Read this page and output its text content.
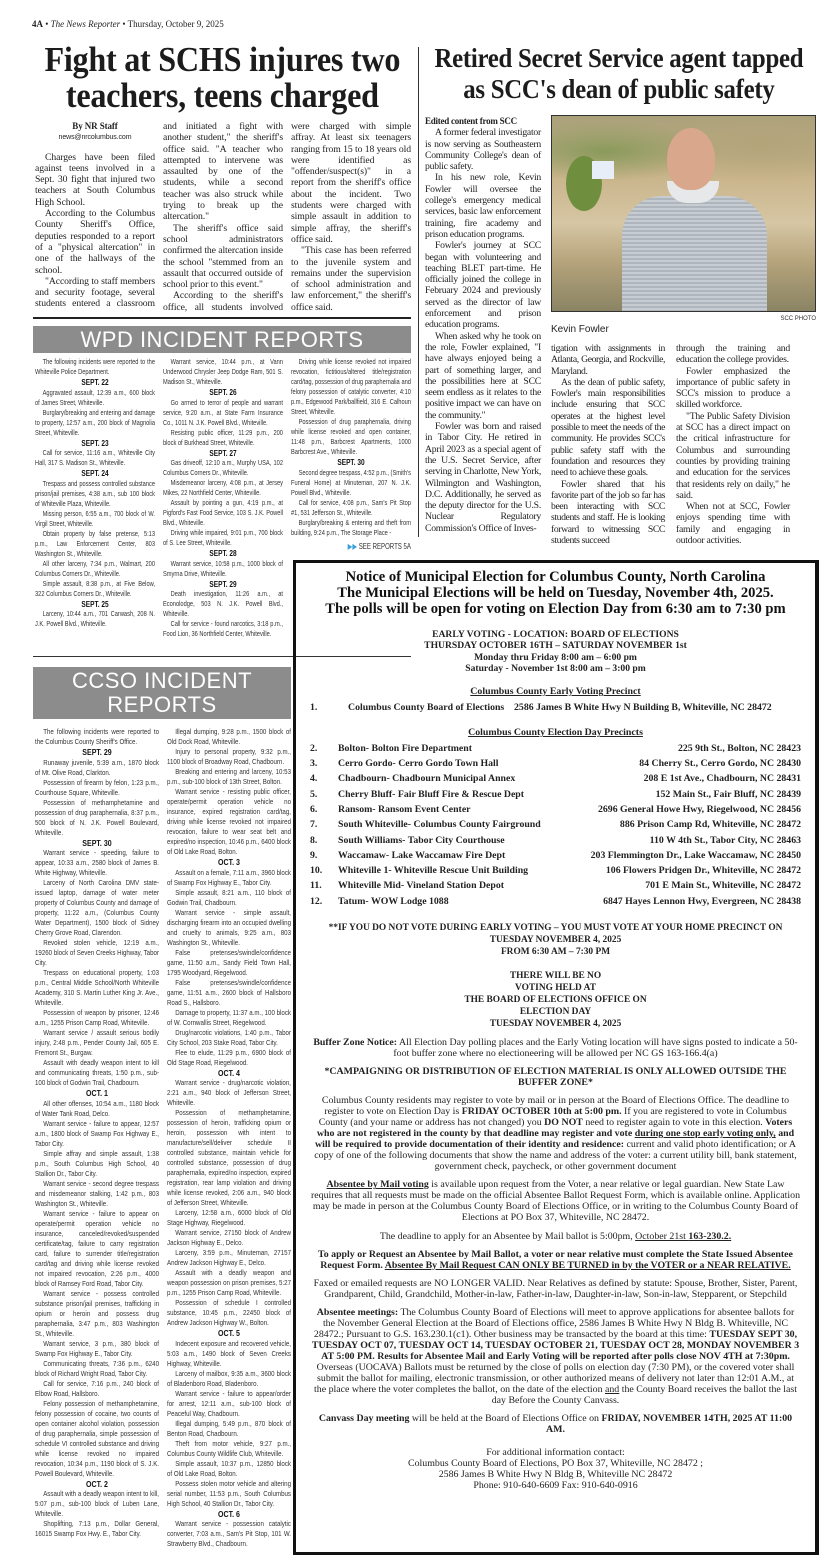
4A • The News Reporter • Thursday, October 9, 2025
Fight at SCHS injures two teachers, teens charged
Retired Secret Service agent tapped as SCC's dean of public safety

By NR Staff

news@nrcolumbus.com

Charges have been filed against teens involved in a Sept. 30 fight that injured two teachers at South Columbus High School.

According to the Columbus County Sheriff's Office, deputies responded to a report of a "physical altercation" in one of the hallways of the school.

"According to staff members and security footage, several students entered a classroom and initiated a fight with another student," the sheriff's office said. "A teacher who attempted to intervene was assaulted by one of the students, while a second teacher was also struck while trying to break up the altercation."

The sheriff's office said school administrators confirmed the altercation inside the school "stemmed from an assault that occurred outside of school prior to this event."

According to the sheriff's office, all students involved were charged with simple affray. At least six teenagers ranging from 15 to 18 years old were identified as "offender/suspect(s)" in a report from the sheriff's office about the incident. Two students were charged with simple assault in addition to simple affray, the sheriff's office said.

"This case has been referred to the juvenile system and remains under the supervision of school administration and law enforcement," the sheriff's office said.

WPD INCIDENT REPORTS

The following incidents were reported to the Whiteville Police Department.

SEPT. 22

Aggravated assault, 12:39 a.m., 600 block of James Street, Whiteville.

Burglary/breaking and entering and damage to property, 12:57 a.m., 200 block of Magnolia Street, Whiteville.

SEPT. 23

Call for service, 11:16 a.m., Whiteville City Hall, 317 S. Madison St., Whiteville.

SEPT. 24

Trespass and possess controlled substance prison/jail premises, 4:38 a.m., sub 100 block of Whiteville Plaza, Whiteville.

Missing person, 6:55 a.m., 700 block of W. Virgil Street, Whiteville.

Obtain property by false pretense, 5:13 p.m., Law Enforcement Center, 803 Washington St., Whiteville.

All other larceny, 7:34 p.m., Walmart, 200 Columbus Corners Dr., Whiteville.

Simple assault, 8:38 p.m., at Five Below, 322 Columbus Corners Dr., Whiteville.

SEPT. 25

Larceny, 10:44 a.m., 701 Carwash, 208 N. J.K. Powell Blvd., Whiteville.

Warrant service, 10:44 p.m., at Vann Underwood Chrysler Jeep Dodge Ram, 501 S. Madison St., Whiteville.

SEPT. 26

Go armed to terror of people and warrant service, 9:20 a.m., at State Farm Insurance Co., 1011 N. J.K. Powell Blvd., Whiteville.

Resisting public officer, 11:29 p.m., 200 block of Burkhead Street, Whiteville.

SEPT. 27

Gas driveoff, 12:10 a.m., Murphy USA, 102 Columbus Corners Dr., Whiteville.

Misdemeanor larceny, 4:08 p.m., at Jersey Mikes, 22 Northfield Center, Whiteville.

Assault by pointing a gun, 4:19 p.m., at Pigford's Fast Food Service, 103 S. J.K. Powell Blvd., Whiteville.

Driving while impaired, 9:01 p.m., 700 block of S. Lee Street, Whiteville.

SEPT. 28

Warrant service, 10:58 p.m., 1000 block of Smyrna Drive, Whiteville.

SEPT. 29

Death investigation, 11:26 a.m., at Econolodge, 503 N. J.K. Powell Blvd., Whiteville.

Call for service - found narcotics, 3:18 p.m., Food Lion, 36 Northfield Center, Whiteville.

Driving while license revoked not impaired revocation, fictitious/altered title/registration card/tag, possession of drug paraphernalia and felony possession of catalytic converter, 4:10 p.m., Edgewood Park/ballfield, 316 E. Calhoun Street, Whiteville.

Possession of drug paraphernalia, driving while license revoked and open container, 11:48 p.m., Barbcrest Apartments, 1000 Barbcrest Ave., Whiteville.

SEPT. 30

Second degree trespass, 4:52 p.m., (Smith's Funeral Home) at Minuteman, 207 N. J.K. Powell Blvd., Whiteville.

Call for service, 4:08 p.m., Sam's Pit Stop #1, 531 Jefferson St., Whiteville.

Burglary/breaking & entering and theft from building, 9:24 p.m., The Storage Place -

▶▶ SEE REPORTS 5A

CCSO INCIDENT REPORTS

The following incidents were reported to the Columbus County Sheriff's Office.

SEPT. 29

Runaway juvenile, 5:39 a.m., 1870 block of Mt. Olive Road, Clarkton.

Possession of firearm by felon, 1:23 p.m., Courthouse Square, Whiteville.

Possession of methamphetamine and possession of drug paraphernalia, 8:37 p.m., 500 block of N. J.K. Powell Boulevard, Whiteville.

SEPT. 30

Warrant service - speeding, failure to appear, 10:33 a.m., 2580 block of James B. White Highway, Whiteville.

Larceny of North Carolina DMV state-issued laptop, damage of water meter property of Columbus County and damage of property, 11:22 a.m., (Columbus County Water Department), 1500 block of Sidney Cherry Grove Road, Clarendon.

Revoked stolen vehicle, 12:19 a.m., 19260 block of Seven Creeks Highway, Tabor City.

Trespass on educational property, 1:03 p.m., Central Middle School/North Whiteville Academy, 310 S. Martin Luther King Jr. Ave., Whiteville.

Possession of weapon by prisoner, 12:46 a.m., 1255 Prison Camp Road, Whiteville.

Warrant service / assault serious bodily injury, 2:48 p.m., Pender County Jail, 605 E. Fremont St., Burgaw.

Assault with deadly weapon intent to kill and communicating threats, 1:50 p.m., sub-100 block of Godwin Trail, Chadbourn.

OCT. 1

All other offenses, 10:54 a.m., 1180 block of Water Tank Road, Delco.

Warrant service - failure to appear, 12:57 a.m., 1800 block of Swamp Fox Highway E., Tabor City.

Simple affray and simple assault, 1:38 p.m., South Columbus High School, 40 Stallion Dr., Tabor City.

Warrant service - second degree trespass and misdemeanor stalking, 1:42 p.m., 803 Washington St., Whiteville.

Warrant service - failure to appear on operate/permit operation vehicle no insurance, canceled/revoked/suspended certificate/tag, failure to carry registration card, failure to surrender title/registration card/tag and driving while license revoked not impaired revocation, 2:26 p.m., 4000 block of Ramsey Ford Road, Tabor City.

Warrant service - possess controlled substance prison/jail premises, trafficking in opium or heroin and possess drug paraphernalia, 3:47 p.m., 803 Washington St., Whiteville.

Warrant service, 3 p.m., 380 block of Swamp Fox Highway E., Tabor City.

Communicating threats, 7:36 p.m., 6240 block of Richard Wright Road, Tabor City.

Call for service, 7:16 p.m., 240 block of Elbow Road, Hallsboro.

Felony possession of methamphetamine, felony possession of cocaine, two counts of open container alcohol violation, possession of drug paraphernalia, simple possession of schedule VI controlled substance and driving while license revoked no impaired revocation, 10:34 p.m., 1190 block of S. J.K. Powell Boulevard, Whiteville.

OCT. 2

Assault with a deadly weapon intent to kill, 5:07 p.m., sub-100 block of Luben Lane, Whiteville.

Shoplifting, 7:13 p.m., Dollar General, 16015 Swamp Fox Hwy. E., Tabor City.

Illegal dumping, 9:28 p.m., 1500 block of Old Dock Road, Whiteville.

Injury to personal property, 9:32 p.m., 1100 block of Broadway Road, Chadbourn.

Breaking and entering and larceny, 10:53 p.m., sub-100 block of 13th Street, Bolton.

Warrant service - resisting public officer, operate/permit operation vehicle no insurance, expired registration card/tag, driving while license revoked not impaired revocation, failure to wear seat belt and expired/no inspection, 10:46 p.m., 6400 block of Old Lake Road, Bolton.

OCT. 3

Assault on a female, 7:11 a.m., 3960 block of Swamp Fox Highway E., Tabor City.

Simple assault, 8:21 a.m., 110 block of Godwin Trail, Chadbourn.

Warrant service - simple assault, discharging firearm into an occupied dwelling and cruelty to animals, 9:25 a.m., 803 Washington St., Whiteville.

False pretenses/swindle/confidence game, 11:50 a.m., Sandy Field Town Hall, 1795 Woodyard, Riegelwood.

False pretenses/swindle/confidence game, 11:51 a.m., 2600 block of Hallsboro Road S., Hallsboro.

Damage to property, 11:37 a.m., 100 block of W. Cornwallis Street, Riegelwood.

Drug/narcotic violations, 1:40 p.m., Tabor City School, 203 Stake Road, Tabor City.

Flee to elude, 11:29 p.m., 6900 block of Old Stage Road, Riegelwood.

OCT. 4

Warrant service - drug/narcotic violation, 2:21 a.m., 940 block of Jefferson Street, Whiteville.

Possession of methamphetamine, possession of heroin, trafficking opium or heroin, possession with intent to manufacture/sell/deliver schedule II controlled substance, maintain vehicle for controlled substance, possession of drug paraphernalia, expired/no inspection, expired registration, rear lamp violation and driving while license revoked, 2:06 a.m., 940 block of Jefferson Street, Whiteville.

Larceny, 12:58 a.m., 6000 block of Old Stage Highway, Riegelwood.

Warrant service, 27150 block of Andrew Jackson Highway E., Delco.

Larceny, 3:59 p.m., Minuteman, 27157 Andrew Jackson Highway E., Delco.

Assault with a deadly weapon and weapon possession on prison premises, 5:27 p.m., 1255 Prison Camp Road, Whiteville.

Possession of schedule I controlled substance, 10:45 p.m., 22450 block of Andrew Jackson Highway W., Bolton.

OCT. 5

Indecent exposure and recovered vehicle, 5:03 a.m., 1490 block of Seven Creeks Highway, Whiteville.

Larceny of mailbox, 9:35 a.m., 3600 block of Bladenboro Road, Bladenboro.

Warrant service - failure to appear/order for arrest, 12:11 a.m., sub-100 block of Peaceful Way, Chadbourn.

Illegal dumping, 5:49 p.m., 870 block of Benton Road, Chadbourn.

Theft from motor vehicle, 9:27 p.m., Columbus County Wildlife Club, Whiteville.

Simple assault, 10:37 p.m., 12850 block of Old Lake Road, Bolton.

Possess stolen motor vehicle and altering serial number, 11:53 p.m., South Columbus High School, 40 Stallion Dr., Tabor City.

OCT. 6

Warrant service - possession catalytic converter, 7:03 a.m., Sam's Pit Stop, 101 W. Strawberry Blvd., Chadbourn.

Edited content from SCC

A former federal investigator is now serving as Southeastern Community College's dean of public safety.

In his new role, Kevin Fowler will oversee the college's emergency medical services, basic law enforcement training, fire academy and prison education programs.

Fowler's journey at SCC began with volunteering and teaching BLET part-time. He officially joined the college in February 2024 and previously served as the director of law enforcement and prison education programs.

When asked why he took on the role, Fowler explained, "I have always enjoyed being a part of something larger, and the possibilities here at SCC seem endless as it relates to the positive impact we can have on the community."

Fowler was born and raised in Tabor City. He retired in April 2023 as a special agent of the U.S. Secret Service, after serving in Charlotte, New York, Wilmington and Washington, D.C. Additionally, he served as the deputy director for the U.S. Nuclear Regulatory Commission's Office of Inves-

SCC PHOTO
Kevin Fowler

tigation with assignments in Atlanta, Georgia, and Rockville, Maryland.

As the dean of public safety, Fowler's main responsibilities include ensuring that SCC operates at the highest level possible to meet the needs of the community. He provides SCC's public safety staff with the foundation and resources they need to achieve these goals.

Fowler shared that his favorite part of the job so far has been interacting with SCC students and staff. He is looking forward to witnessing SCC students succeed

through the training and education the college provides.

Fowler emphasized the importance of public safety in SCC's mission to produce a skilled workforce.

"The Public Safety Division at SCC has a direct impact on the critical infrastructure for Columbus and surrounding counties by providing training and education for the services that residents rely on daily," he said.

When not at SCC, Fowler enjoys spending time with family and engaging in outdoor activities.

Notice of Municipal Election for Columbus County, North Carolina
The Municipal Elections will be held on Tuesday, November 4th, 2025.
The polls will be open for voting on Election Day from 6:30 am to 7:30 pm
EARLY VOTING - LOCATION: BOARD OF ELECTIONS
THURSDAY OCTOBER 16TH – SATURDAY NOVEMBER 1st
Monday thru Friday 8:00 am – 6:00 pm
Saturday - November 1st 8:00 am – 3:00 pm
Columbus County Early Voting Precinct
1.	Columbus County Board of Elections 2586 James B White Hwy N Building B, Whiteville, NC 28472
Columbus County Election Day Precincts
2.	Bolton- Bolton Fire Department	225 9th St., Bolton, NC 28423
3.	Cerro Gordo- Cerro Gordo Town Hall	84 Cherry St., Cerro Gordo, NC 28430
4.	Chadbourn- Chadbourn Municipal Annex	208 E 1st Ave., Chadbourn, NC 28431
5.	Cherry Bluff- Fair Bluff Fire & Rescue Dept	152 Main St., Fair Bluff, NC 28439
6.	Ransom- Ransom Event Center	2696 General Howe Hwy, Riegelwood, NC 28456
7.	South Whiteville- Columbus County Fairground	886 Prison Camp Rd, Whiteville, NC 28472
8.	South Williams- Tabor City Courthouse	110 W 4th St., Tabor City, NC 28463
9.	Waccamaw- Lake Waccamaw Fire Dept	203 Flemmington Dr., Lake Waccamaw, NC 28450
10.	Whiteville 1- Whiteville Rescue Unit Building	106 Flowers Pridgen Dr., Whiteville, NC 28472
11.	Whiteville Mid- Vineland Station Depot	701 E Main St., Whiteville, NC 28472
12.	Tatum- WOW Lodge 1088	6847 Hayes Lennon Hwy, Evergreen, NC 28438
**IF YOU DO NOT VOTE DURING EARLY VOTING – YOU MUST VOTE AT YOUR HOME PRECINCT ON
TUESDAY NOVEMBER 4, 2025
FROM 6:30 AM – 7:30 PM
THERE WILL BE NO
VOTING HELD AT
THE BOARD OF ELECTIONS OFFICE ON
ELECTION DAY
TUESDAY NOVEMBER 4, 2025

Buffer Zone Notice: All Election Day polling places and the Early Voting location will have signs posted to indicate a 50-foot buffer zone where no electioneering will be allowed per NC GS 163-166.4(a)

*CAMPAIGNING OR DISTRIBUTION OF ELECTION MATERIAL IS ONLY ALLOWED OUTSIDE THE BUFFER ZONE*

Columbus County residents may register to vote by mail or in person at the Board of Elections Office. The deadline to register to vote on Election Day is FRIDAY OCTOBER 10th at 5:00 pm. If you are registered to vote in Columbus County (and your name or address has not changed) you DO NOT need to register again to vote in this election. Voters who are not registered in the county by that deadline may register and vote during one stop early voting only, and will be required to provide documentation of their identity and residence: current and valid photo identification; or A copy of one of the following documents that show the name and address of the voter: a current utility bill, bank statement, government check, paycheck, or other government document

Absentee by Mail voting is available upon request from the Voter, a near relative or legal guardian. New State Law requires that all requests must be made on the official Absentee Ballot Request Form, which is available online. Application may be made in person at the Columbus County Board of Elections Office, or in writing to the Columbus County Board of Elections at PO Box 37, Whiteville, NC 28472.

The deadline to apply for an Absentee by Mail ballot is 5:00pm, October 21st 163-230.2.

To apply or Request an Absentee by Mail Ballot, a voter or near relative must complete the State Issued Absentee Request Form. Absentee By Mail Request CAN ONLY BE TURNED in by the VOTER or a NEAR RELATIVE.

Faxed or emailed requests are NO LONGER VALID. Near Relatives as defined by statute: Spouse, Brother, Sister, Parent, Grandparent, Child, Grandchild, Mother-in-law, Father-in-law, Daughter-in-law, Son-in-law, Stepparent, or Stepchild

Absentee meetings: The Columbus County Board of Elections will meet to approve applications for absentee ballots for the November General Election at the Board of Elections office, 2586 James B White Hwy N Bldg B. Whiteville, NC 28472.; Pursuant to G.S. 163.230.1(c1). Other business may be transacted by the board at this time: TUESDAY SEPT 30, TUESDAY OCT 07, TUESDAY OCT 14, TUESDAY OCTOBER 21, TUESDAY OCT 28, MONDAY NOVEMBER 3 AT 5:00 PM. Results for Absentee Mail and Early Voting will be reported after polls close NOV 4TH at 7:30pm. Overseas (UOCAVA) Ballots must be returned by the close of polls on election day (7:30 PM), or the covered voter shall submit the ballot for mailing, electronic transmission, or other authorized means of delivery not later than 12:01 A.M., at the place where the voter completes the ballot, on the date of the election and the County Board receives the ballot the last day Before the County Canvass.

Canvass Day meeting will be held at the Board of Elections Office on FRIDAY, NOVEMBER 14TH, 2025 AT 11:00 AM.

For additional information contact:
Columbus County Board of Elections, PO Box 37, Whiteville, NC 28472 ;
2586 James B White Hwy N Bldg B, Whiteville NC 28472
Phone: 910-640-6609 Fax: 910-640-0916
